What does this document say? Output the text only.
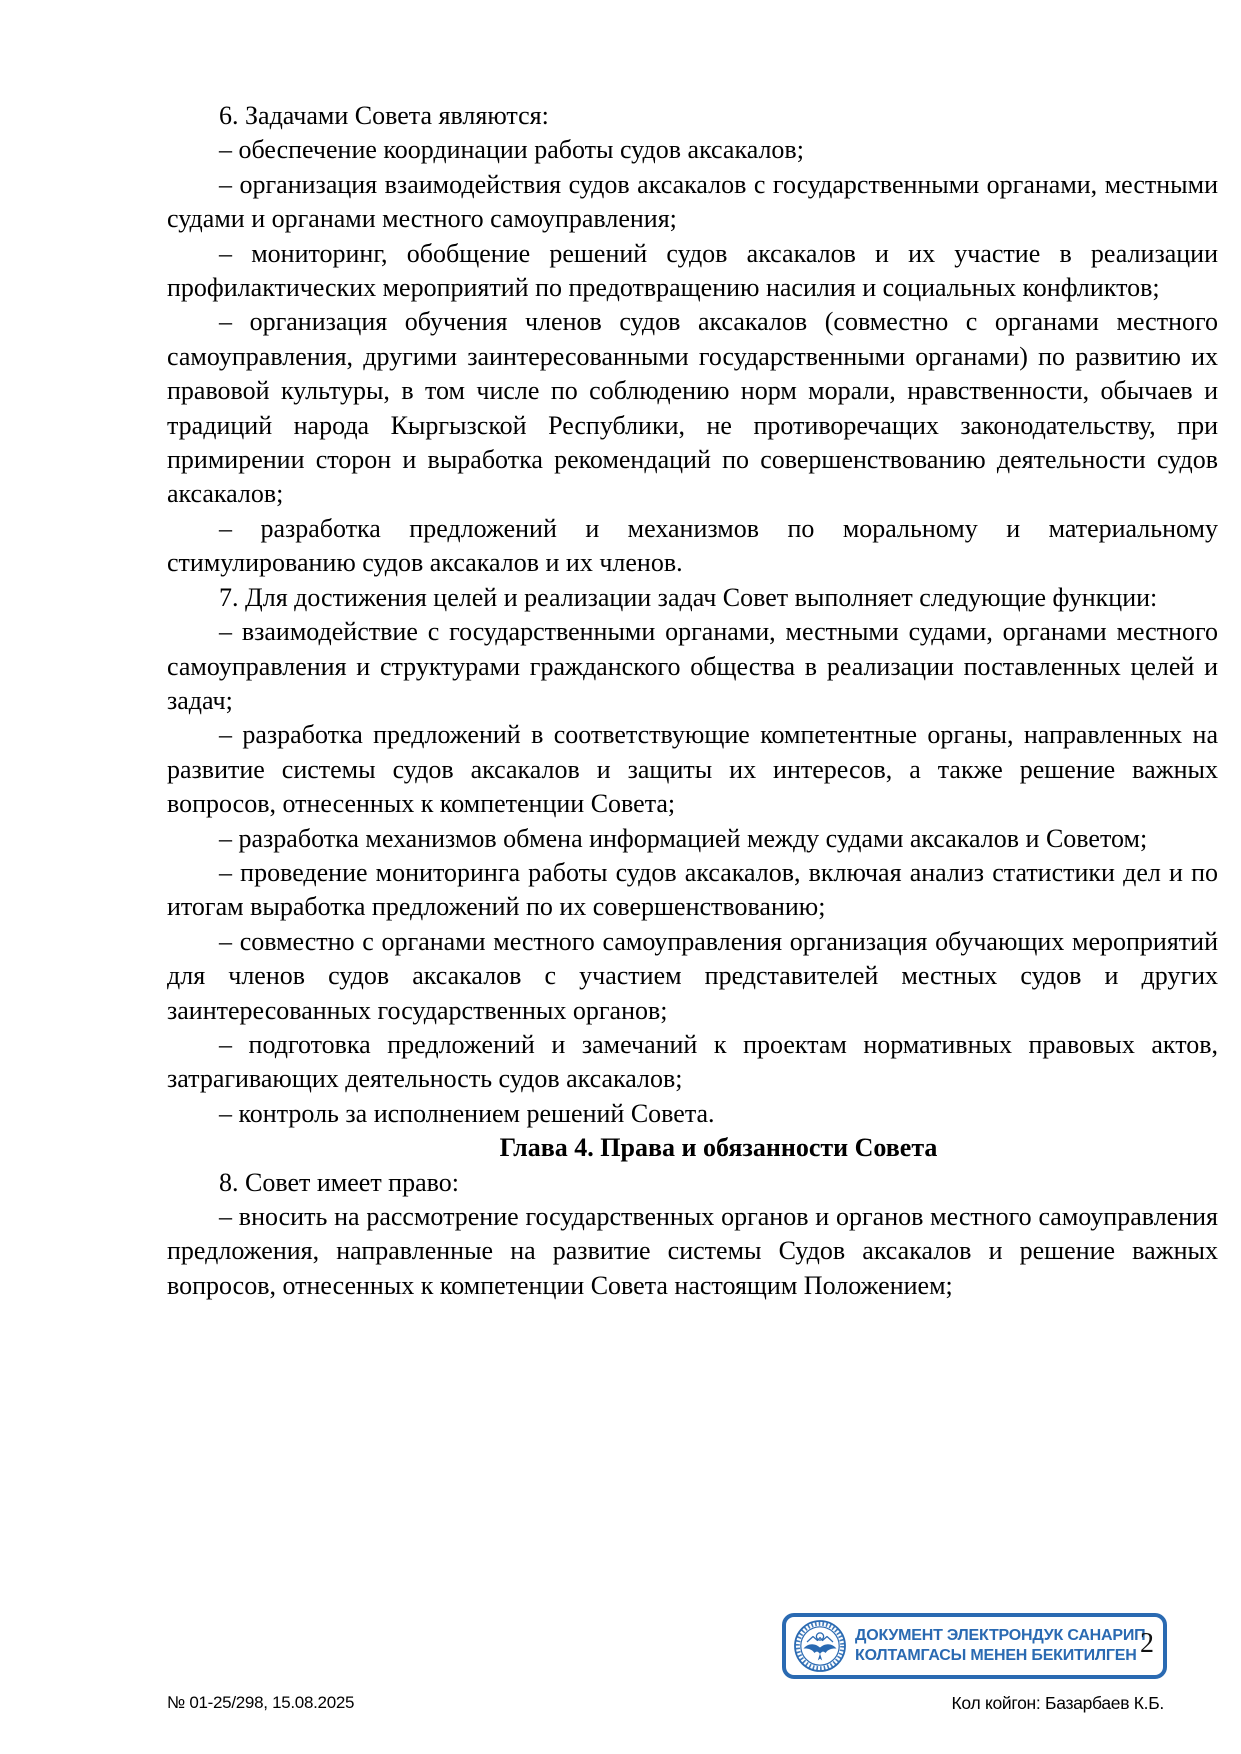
6. Задачами Совета являются:

– обеспечение координации работы судов аксакалов;

– организация взаимодействия судов аксакалов с государственными органами, местными судами и органами местного самоуправления;

– мониторинг, обобщение решений судов аксакалов и их участие в реализации профилактических мероприятий по предотвращению насилия и социальных конфликтов;

– организация обучения членов судов аксакалов (совместно с органами местного самоуправления, другими заинтересованными государственными органами) по развитию их правовой культуры, в том числе по соблюдению норм морали, нравственности, обычаев и традиций народа Кыргызской Республики, не противоречащих законодательству, при примирении сторон и выработка рекомендаций по совершенствованию деятельности судов аксакалов;

– разработка предложений и механизмов по моральному и материальному стимулированию судов аксакалов и их членов.

7. Для достижения целей и реализации задач Совет выполняет следующие функции:

– взаимодействие с государственными органами, местными судами, органами местного самоуправления и структурами гражданского общества в реализации поставленных целей и задач;

– разработка предложений в соответствующие компетентные органы, направленных на развитие системы судов аксакалов и защиты их интересов, а также решение важных вопросов, отнесенных к компетенции Совета;

– разработка механизмов обмена информацией между судами аксакалов и Советом;

– проведение мониторинга работы судов аксакалов, включая анализ статистики дел и по итогам выработка предложений по их совершенствованию;

– совместно с органами местного самоуправления организация обучающих мероприятий для членов судов аксакалов с участием представителей местных судов и других заинтересованных государственных органов;

– подготовка предложений и замечаний к проектам нормативных правовых актов, затрагивающих деятельность судов аксакалов;

– контроль за исполнением решений Совета.

Глава 4. Права и обязанности Совета

8. Совет имеет право:

– вносить на рассмотрение государственных органов и органов местного самоуправления предложения, направленные на развитие системы Судов аксакалов и решение важных вопросов, отнесенных к компетенции Совета настоящим Положением;

ДОКУМЕНТ ЭЛЕКТРОНДУК САНАРИП
КОЛТАМГАСЫ МЕНЕН БЕКИТИЛГЕН 2
№ 01-25/298, 15.08.2025	Кол койгон: Базарбаев К.Б.
